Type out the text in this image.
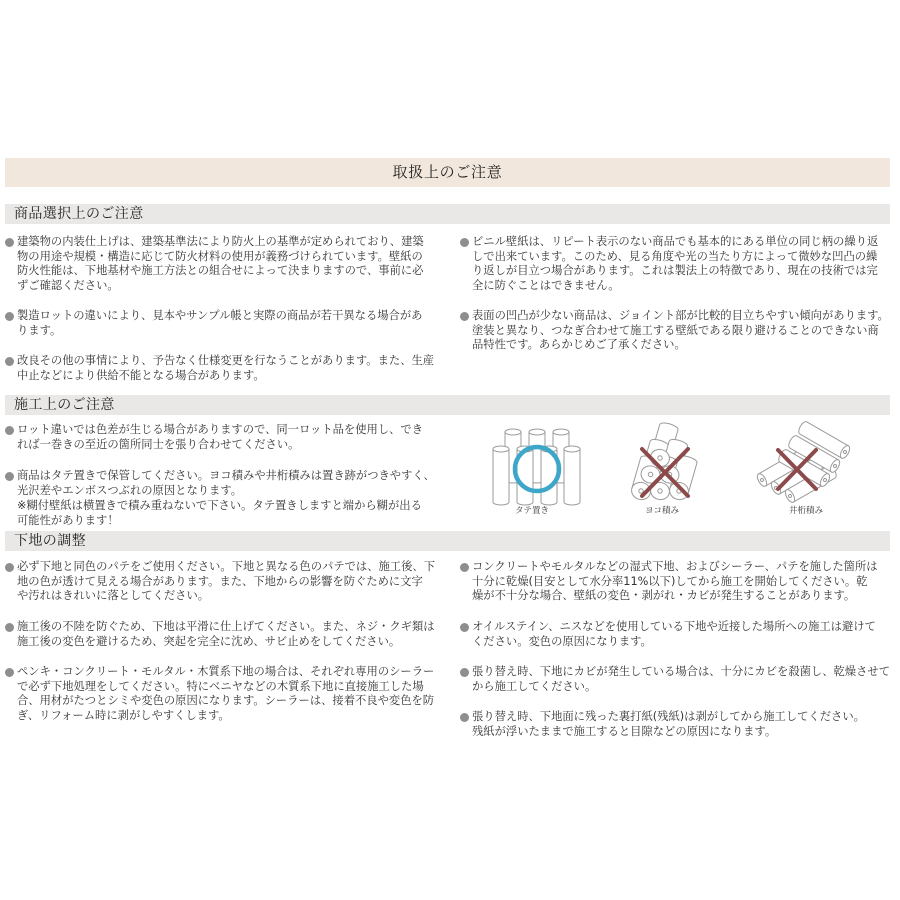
取扱上のご注意
商品選択上のご注意
建築物の内装仕上げは、建築基準法により防火上の基準が定められており、建築
物の用途や規模・構造に応じて防火材料の使用が義務づけられています。壁紙の
防火性能は、下地基材や施工方法との組合せによって決まりますので、事前に必
ずご確認ください。
製造ロットの違いにより、見本やサンプル帳と実際の商品が若干異なる場合があ
ります。
改良その他の事情により、予告なく仕様変更を行なうことがあります。また、生産
中止などにより供給不能となる場合があります。
ビニル壁紙は、リピート表示のない商品でも基本的にある単位の同じ柄の繰り返
しで出来ています。このため、見る角度や光の当たり方によって微妙な凹凸の繰
り返しが目立つ場合があります。これは製法上の特徴であり、現在の技術では完
全に防ぐことはできません。
表面の凹凸が少ない商品は、ジョイント部が比較的目立ちやすい傾向があります。
塗装と異なり、つなぎ合わせて施工する壁紙である限り避けることのできない商
品特性です。あらかじめご了承ください。
施工上のご注意
ロット違いでは色差が生じる場合がありますので、同一ロット品を使用し、でき
れば一巻きの至近の箇所同士を張り合わせてください。
商品はタテ置きで保管してください。ヨコ積みや井桁積みは置き跡がつきやすく、
光沢差やエンボスつぶれの原因となります。
※糊付壁紙は横置きで積み重ねないで下さい。タテ置きしますと端から糊が出る
可能性があります！
タテ置き	ヨコ積み	井桁積み
下地の調整
必ず下地と同色のパテをご使用ください。下地と異なる色のパテでは、施工後、下
地の色が透けて見える場合があります。また、下地からの影響を防ぐために文字
や汚れはきれいに落としてください。
施工後の不陸を防ぐため、下地は平滑に仕上げてください。また、ネジ・クギ類は
施工後の変色を避けるため、突起を完全に沈め、サビ止めをしてください。
ペンキ・コンクリート・モルタル・木質系下地の場合は、それぞれ専用のシーラー
で必ず下地処理をしてください。特にベニヤなどの木質系下地に直接施工した場
合、用材がたつとシミや変色の原因になります。シーラーは、接着不良や変色を防
ぎ、リフォーム時に剥がしやすくします。
コンクリートやモルタルなどの湿式下地、およびシーラー、パテを施した箇所は
十分に乾燥(目安として水分率11%以下)してから施工を開始してください。乾
燥が不十分な場合、壁紙の変色・剥がれ・カビが発生することがあります。
オイルステイン、ニスなどを使用している下地や近接した場所への施工は避けて
ください。変色の原因になります。
張り替え時、下地にカビが発生している場合は、十分にカビを殺菌し、乾燥させて
から施工してください。
張り替え時、下地面に残った裏打紙(残紙)は剥がしてから施工してください。
残紙が浮いたままで施工すると目隙などの原因になります。
